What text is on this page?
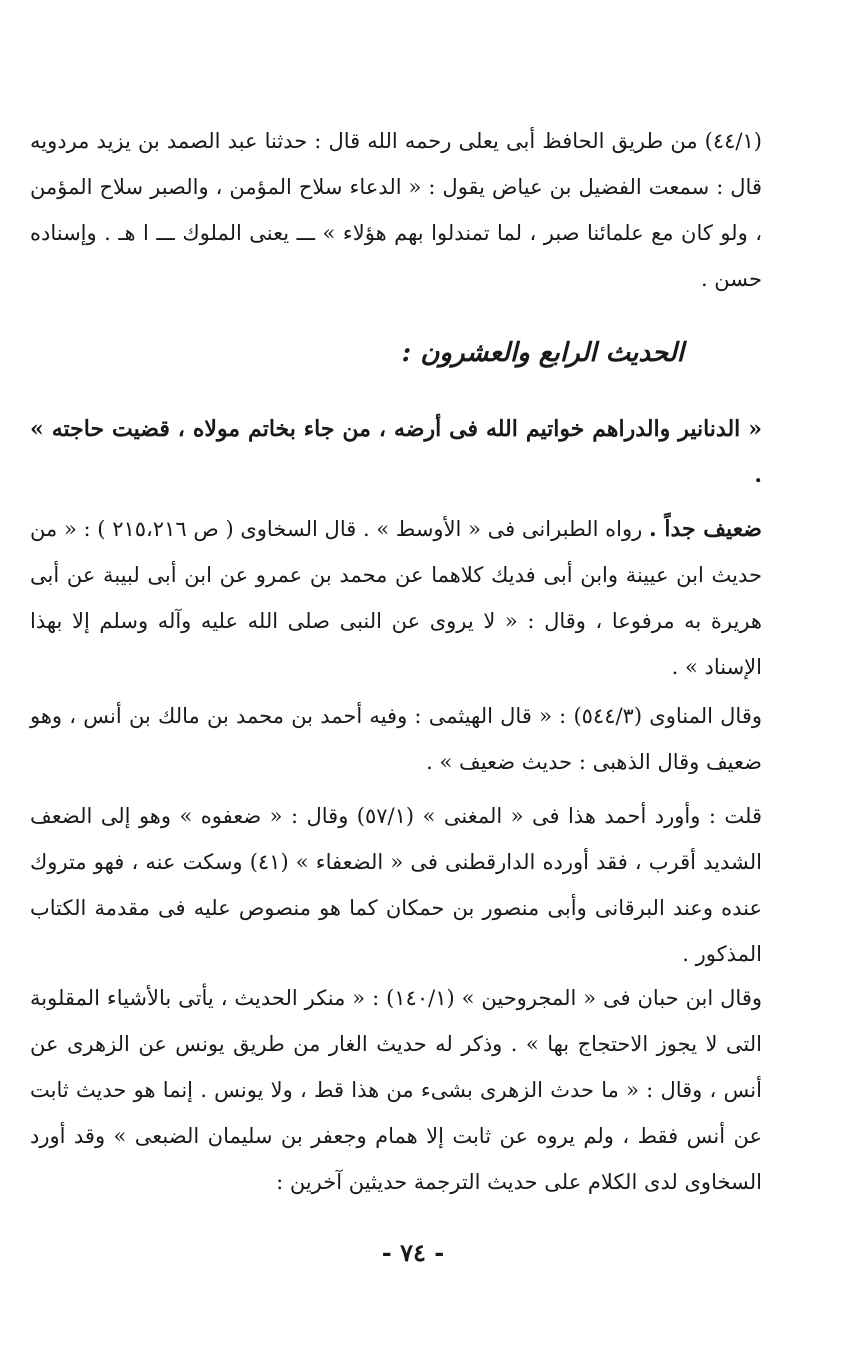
(٤٤/١) من طريق الحافظ أبى يعلى رحمه الله قال : حدثنا عبد الصمد بن يزيد مردويه قال : سمعت الفضيل بن عياض يقول : « الدعاء سلاح المؤمن ، والصبر سلاح المؤمن ، ولو كان مع علمائنا صبر ، لما تمندلوا بهم هؤلاء » ـــ يعنى الملوك ـــ ا هـ . وإسناده حسن .

الحديث الرابع والعشرون :

« الدنانير والدراهم خواتيم الله فى أرضه ، من جاء بخاتم مولاه ، قضيت حاجته » .

ضعيف جداً . رواه الطبرانى فى « الأوسط » . قال السخاوى ( ص ٢١٥،٢١٦ ) : « من حديث ابن عيينة وابن أبى فديك كلاهما عن محمد بن عمرو عن ابن أبى لبيبة عن أبى هريرة به مرفوعا ، وقال : « لا يروى عن النبى صلى الله عليه وآله وسلم إلا بهذا الإسناد » .

وقال المناوى (٥٤٤/٣) : « قال الهيثمى : وفيه أحمد بن محمد بن مالك بن أنس ، وهو ضعيف وقال الذهبى : حديث ضعيف » .

قلت : وأورد أحمد هذا فى « المغنى » (٥٧/١) وقال : « ضعفوه » وهو إلى الضعف الشديد أقرب ، فقد أورده الدارقطنى فى « الضعفاء » (٤١) وسكت عنه ، فهو متروك عنده وعند البرقانى وأبى منصور بن حمكان كما هو منصوص عليه فى مقدمة الكتاب المذكور .

وقال ابن حبان فى « المجروحين » (١٤٠/١) : « منكر الحديث ، يأتى بالأشياء المقلوبة التى لا يجوز الاحتجاج بها » . وذكر له حديث الغار من طريق يونس عن الزهرى عن أنس ، وقال : « ما حدث الزهرى بشىء من هذا قط ، ولا يونس . إنما هو حديث ثابت عن أنس فقط ، ولم يروه عن ثابت إلا همام وجعفر بن سليمان الضبعى » وقد أورد السخاوى لدى الكلام على حديث الترجمة حديثين آخرين :

- ٧٤ -
